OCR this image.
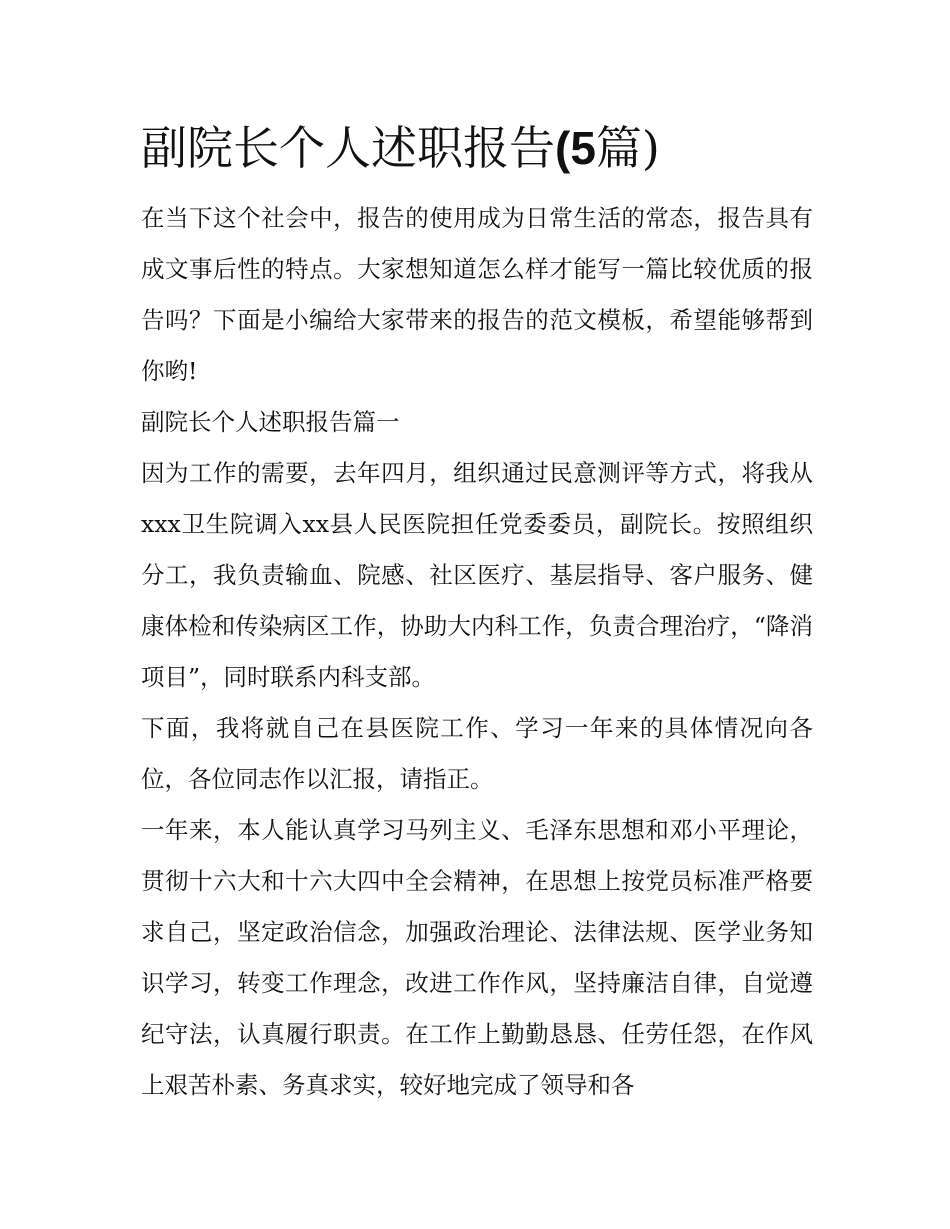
副院长个人述职报告(5篇)

在当下这个社会中，报告的使用成为日常生活的常态，报告具有成文事后性的特点。大家想知道怎么样才能写一篇比较优质的报告吗？下面是小编给大家带来的报告的范文模板，希望能够帮到你哟!

副院长个人述职报告篇一

因为工作的需要，去年四月，组织通过民意测评等方式，将我从xxx卫生院调入xx县人民医院担任党委委员，副院长。按照组织分工，我负责输血、院感、社区医疗、基层指导、客户服务、健康体检和传染病区工作，协助大内科工作，负责合理治疗，“降消项目”，同时联系内科支部。

下面，我将就自己在县医院工作、学习一年来的具体情况向各位，各位同志作以汇报，请指正。

一年来，本人能认真学习马列主义、毛泽东思想和邓小平理论，贯彻十六大和十六大四中全会精神，在思想上按党员标准严格要求自己，坚定政治信念，加强政治理论、法律法规、医学业务知识学习，转变工作理念，改进工作作风，坚持廉洁自律，自觉遵纪守法，认真履行职责。在工作上勤勤恳恳、任劳任怨，在作风上艰苦朴素、务真求实，较好地完成了领导和各
